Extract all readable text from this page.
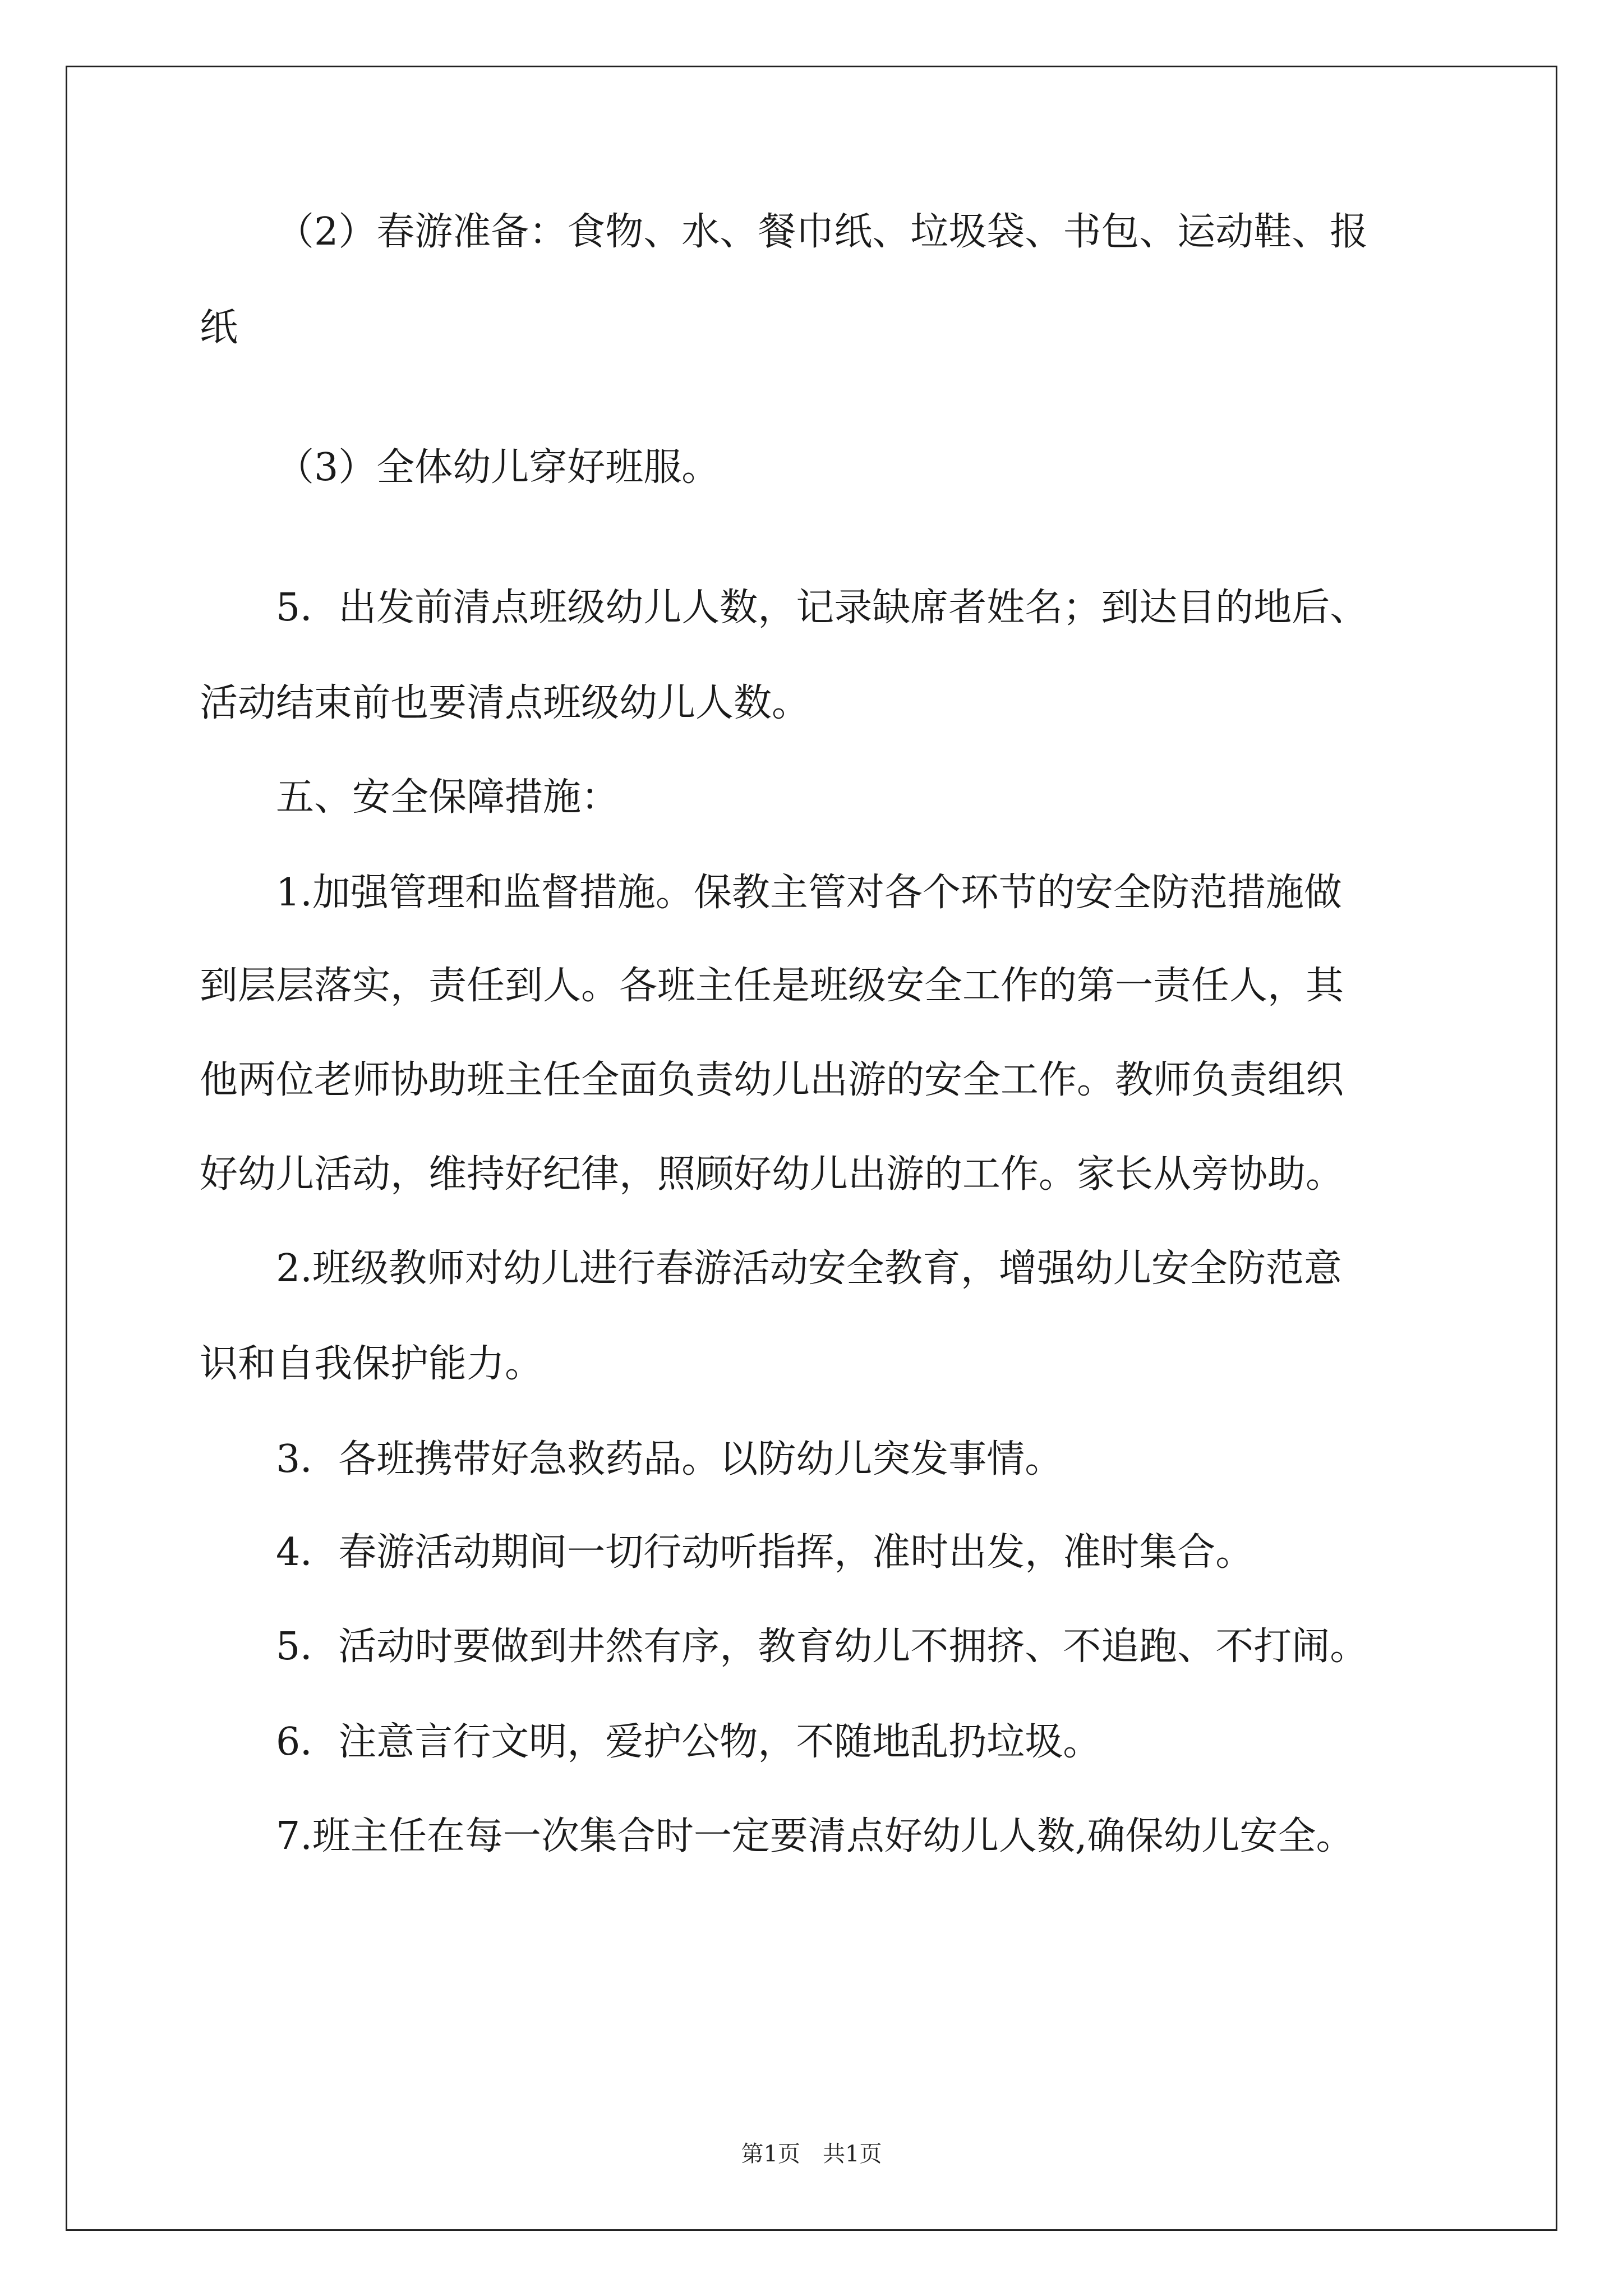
（2）春游准备：食物、水、餐巾纸、垃圾袋、书包、运动鞋、报
纸
（3）全体幼儿穿好班服。
5．出发前清点班级幼儿人数，记录缺席者姓名；到达目的地后、
活动结束前也要清点班级幼儿人数。
五、安全保障措施：
1.加强管理和监督措施。保教主管对各个环节的安全防范措施做
到层层落实，责任到人。各班主任是班级安全工作的第一责任人，其
他两位老师协助班主任全面负责幼儿出游的安全工作。教师负责组织
好幼儿活动，维持好纪律，照顾好幼儿出游的工作。家长从旁协助。
2.班级教师对幼儿进行春游活动安全教育，增强幼儿安全防范意
识和自我保护能力。
3．各班携带好急救药品。以防幼儿突发事情。
4．春游活动期间一切行动听指挥，准时出发，准时集合。
5．活动时要做到井然有序，教育幼儿不拥挤、不追跑、不打闹。
6．注意言行文明，爱护公物，不随地乱扔垃圾。
7.班主任在每一次集合时一定要清点好幼儿人数,确保幼儿安全。
第1页　共1页
